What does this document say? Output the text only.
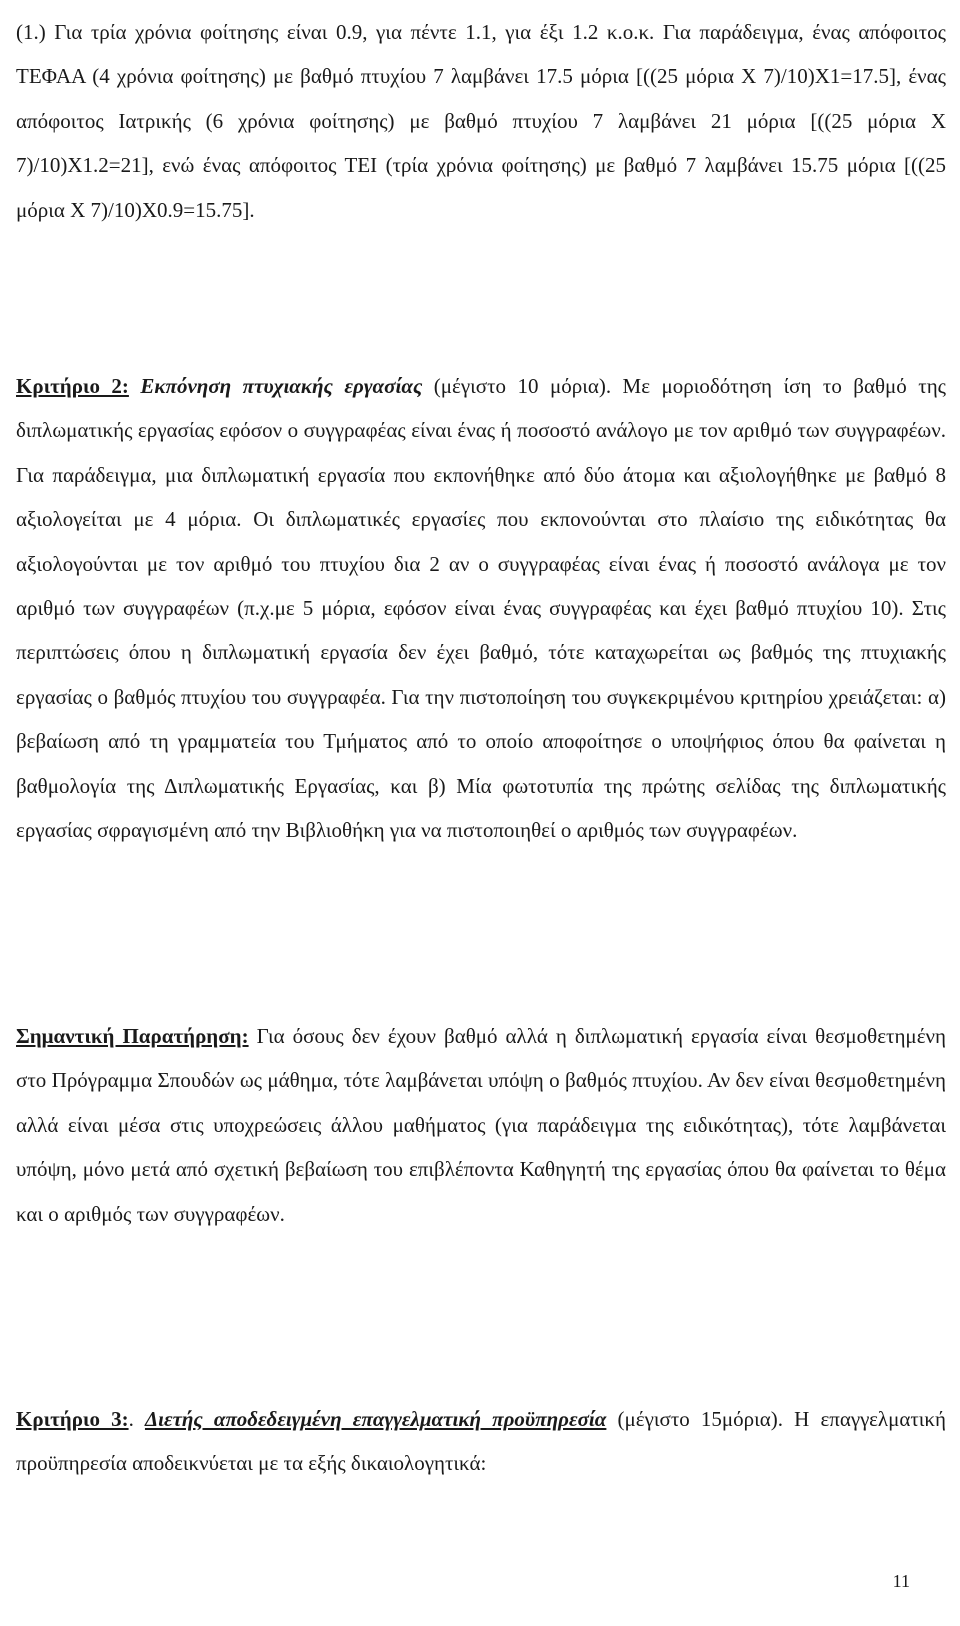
(1.) Για τρία χρόνια φοίτησης είναι 0.9, για πέντε 1.1, για έξι 1.2 κ.ο.κ. Για παράδειγμα, ένας απόφοιτος ΤΕΦΑΑ (4 χρόνια φοίτησης) με βαθμό πτυχίου 7 λαμβάνει 17.5 μόρια [((25 μόρια Χ 7)/10)Χ1=17.5], ένας απόφοιτος Ιατρικής (6 χρόνια φοίτησης) με βαθμό πτυχίου 7 λαμβάνει 21 μόρια [((25 μόρια Χ 7)/10)Χ1.2=21], ενώ ένας απόφοιτος ΤΕΙ (τρία χρόνια φοίτησης) με βαθμό 7 λαμβάνει 15.75 μόρια [((25 μόρια Χ 7)/10)Χ0.9=15.75].

Κριτήριο 2: Εκπόνηση πτυχιακής εργασίας (μέγιστο 10 μόρια). Με μοριοδότηση ίση το βαθμό της διπλωματικής εργασίας εφόσον ο συγγραφέας είναι ένας ή ποσοστό ανάλογο με τον αριθμό των συγγραφέων. Για παράδειγμα, μια διπλωματική εργασία που εκπονήθηκε από δύο άτομα και αξιολογήθηκε με βαθμό 8 αξιολογείται με 4 μόρια. Οι διπλωματικές εργασίες που εκπονούνται στο πλαίσιο της ειδικότητας θα αξιολογούνται με τον αριθμό του πτυχίου δια 2 αν ο συγγραφέας είναι ένας ή ποσοστό ανάλογα με τον αριθμό των συγγραφέων (π.χ.με 5 μόρια, εφόσον είναι ένας συγγραφέας και έχει βαθμό πτυχίου 10). Στις περιπτώσεις όπου η διπλωματική εργασία δεν έχει βαθμό, τότε καταχωρείται ως βαθμός της πτυχιακής εργασίας ο βαθμός πτυχίου του συγγραφέα. Για την πιστοποίηση του συγκεκριμένου κριτηρίου χρειάζεται: α) βεβαίωση από τη γραμματεία του Τμήματος από το οποίο αποφοίτησε ο υποψήφιος όπου θα φαίνεται η βαθμολογία της Διπλωματικής Εργασίας, και β) Μία φωτοτυπία της πρώτης σελίδας της διπλωματικής εργασίας σφραγισμένη από την Βιβλιοθήκη για να πιστοποιηθεί ο αριθμός των συγγραφέων.

Σημαντική Παρατήρηση: Για όσους δεν έχουν βαθμό αλλά η διπλωματική εργασία είναι θεσμοθετημένη στο Πρόγραμμα Σπουδών ως μάθημα, τότε λαμβάνεται υπόψη ο βαθμός πτυχίου. Αν δεν είναι θεσμοθετημένη αλλά είναι μέσα στις υποχρεώσεις άλλου μαθήματος (για παράδειγμα της ειδικότητας), τότε λαμβάνεται υπόψη, μόνο μετά από σχετική βεβαίωση του επιβλέποντα Καθηγητή της εργασίας όπου θα φαίνεται το θέμα και ο αριθμός των συγγραφέων.

Κριτήριο 3:. Διετής αποδεδειγμένη επαγγελματική προϋπηρεσία (μέγιστο 15μόρια). Η επαγγελματική προϋπηρεσία αποδεικνύεται με τα εξής δικαιολογητικά:

11
